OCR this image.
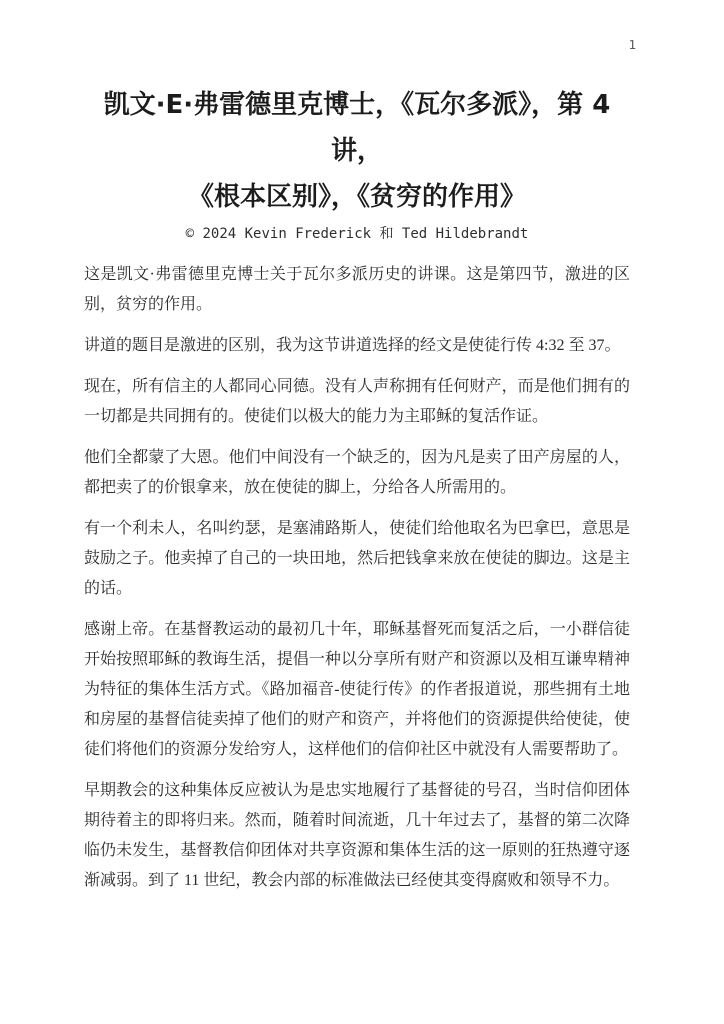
1
凯文·E·弗雷德里克博士，《瓦尔多派》，第 4
讲，
《根本区别》，《贫穷的作用》
© 2024 Kevin Frederick 和 Ted Hildebrandt

这是凯文·弗雷德里克博士关于瓦尔多派历史的讲课。这是第四节，激进的区别，贫穷的作用。

讲道的题目是激进的区别，我为这节讲道选择的经文是使徒行传 4:32 至 37。

现在，所有信主的人都同心同德。没有人声称拥有任何财产，而是他们拥有的一切都是共同拥有的。使徒们以极大的能力为主耶稣的复活作证。

他们全都蒙了大恩。他们中间没有一个缺乏的，因为凡是卖了田产房屋的人，都把卖了的价银拿来，放在使徒的脚上，分给各人所需用的。

有一个利未人，名叫约瑟，是塞浦路斯人，使徒们给他取名为巴拿巴，意思是鼓励之子。他卖掉了自己的一块田地，然后把钱拿来放在使徒的脚边。这是主的话。

感谢上帝。在基督教运动的最初几十年，耶稣基督死而复活之后，一小群信徒开始按照耶稣的教诲生活，提倡一种以分享所有财产和资源以及相互谦卑精神为特征的集体生活方式。《路加福音-使徒行传》的作者报道说，那些拥有土地和房屋的基督信徒卖掉了他们的财产和资产，并将他们的资源提供给使徒，使徒们将他们的资源分发给穷人，这样他们的信仰社区中就没有人需要帮助了。

早期教会的这种集体反应被认为是忠实地履行了基督徒的号召，当时信仰团体期待着主的即将归来。然而，随着时间流逝，几十年过去了，基督的第二次降临仍未发生，基督教信仰团体对共享资源和集体生活的这一原则的狂热遵守逐渐减弱。到了 11 世纪，教会内部的标准做法已经使其变得腐败和领导不力。
